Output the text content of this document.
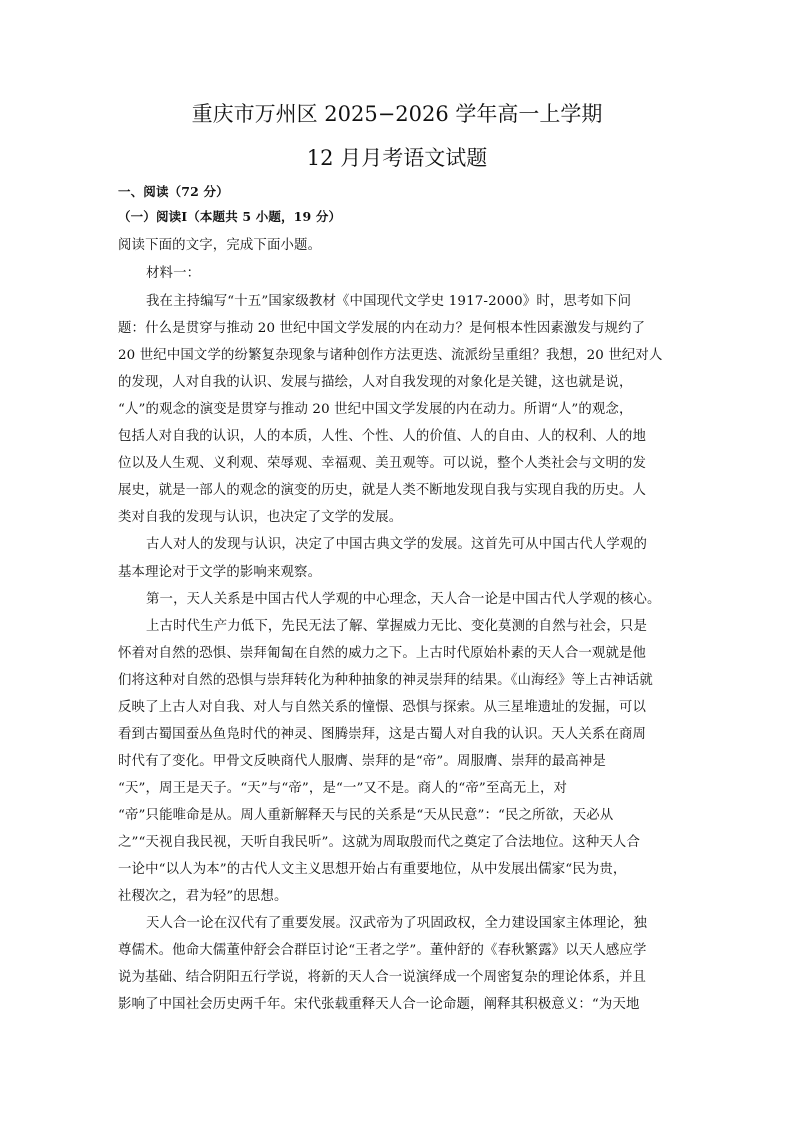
重庆市万州区 2025−2026 学年高一上学期
12 月月考语文试题
一、阅读（72 分）
（一）阅读Ⅰ（本题共 5 小题，19 分）
阅读下面的文字，完成下面小题。
材料一：
我在主持编写“十五”国家级教材《中国现代文学史 1917-2000》时，思考如下问
题：什么是贯穿与推动 20 世纪中国文学发展的内在动力？是何根本性因素激发与规约了
20 世纪中国文学的纷繁复杂现象与诸种创作方法更迭、流派纷呈重组？我想，20 世纪对人
的发现，人对自我的认识、发展与描绘，人对自我发现的对象化是关键，这也就是说，
“人”的观念的演变是贯穿与推动 20 世纪中国文学发展的内在动力。所谓“人”的观念，
包括人对自我的认识，人的本质，人性、个性、人的价值、人的自由、人的权利、人的地
位以及人生观、义利观、荣辱观、幸福观、美丑观等。可以说，整个人类社会与文明的发
展史，就是一部人的观念的演变的历史，就是人类不断地发现自我与实现自我的历史。人
类对自我的发现与认识，也决定了文学的发展。
古人对人的发现与认识，决定了中国古典文学的发展。这首先可从中国古代人学观的
基本理论对于文学的影响来观察。
第一，天人关系是中国古代人学观的中心理念，天人合一论是中国古代人学观的核心。
上古时代生产力低下，先民无法了解、掌握威力无比、变化莫测的自然与社会，只是
怀着对自然的恐惧、崇拜匍匐在自然的威力之下。上古时代原始朴素的天人合一观就是他
们将这种对自然的恐惧与崇拜转化为种种抽象的神灵崇拜的结果。《山海经》等上古神话就
反映了上古人对自我、对人与自然关系的憧憬、恐惧与探索。从三星堆遗址的发掘，可以
看到古蜀国蚕丛鱼凫时代的神灵、图腾崇拜，这是古蜀人对自我的认识。天人关系在商周
时代有了变化。甲骨文反映商代人服膺、崇拜的是“帝”。周服膺、崇拜的最高神是
“天”，周王是天子。“天”与“帝”，是“一”又不是。商人的“帝”至高无上，对
“帝”只能唯命是从。周人重新解释天与民的关系是“天从民意”：“民之所欲，天必从
之”“天视自我民视，天听自我民听”。这就为周取殷而代之奠定了合法地位。这种天人合
一论中“以人为本”的古代人文主义思想开始占有重要地位，从中发展出儒家“民为贵，
社稷次之，君为轻”的思想。
天人合一论在汉代有了重要发展。汉武帝为了巩固政权，全力建设国家主体理论，独
尊儒术。他命大儒董仲舒会合群臣讨论“王者之学”。董仲舒的《春秋繁露》以天人感应学
说为基础、结合阴阳五行学说，将新的天人合一说演绎成一个周密复杂的理论体系，并且
影响了中国社会历史两千年。宋代张载重释天人合一论命题，阐释其积极意义：“为天地
